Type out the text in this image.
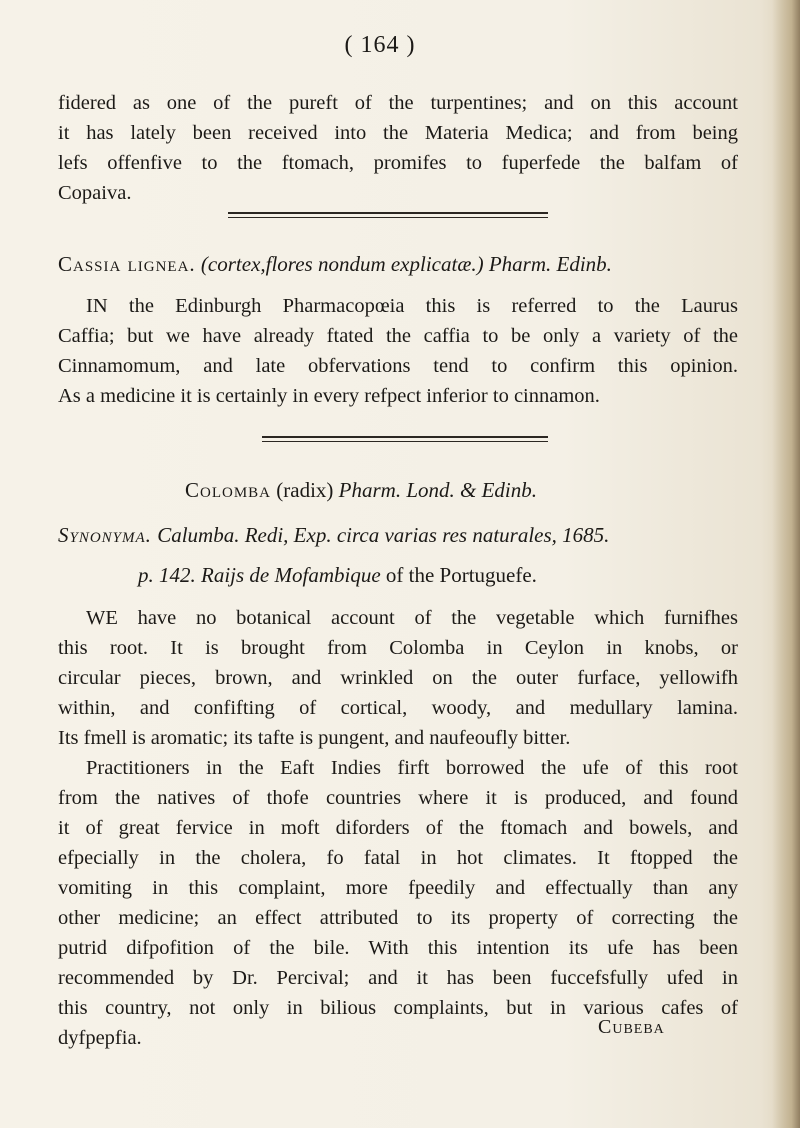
( 164 )
fidered as one of the pureft of the turpentines; and on this account
it has lately been received into the Materia Medica; and from being
lefs offenfive to the ftomach, promifes to fuperfede the balfam of
Copaiva.
Cassia lignea. (cortex,flores nondum explicatæ.) Pharm. Edinb.
IN the Edinburgh Pharmacopœia this is referred to the Laurus
Caffia; but we have already ftated the caffia to be only a variety of the
Cinnamomum, and late obfervations tend to confirm this opinion.
As a medicine it is certainly in every refpect inferior to cinnamon.
Colomba (radix) Pharm. Lond. & Edinb.
Synonyma. Calumba. Redi, Exp. circa varias res naturales, 1685.
p. 142. Raijs de Mofambique of the Portuguefe.
WE have no botanical account of the vegetable which furnifhes
this root. It is brought from Colomba in Ceylon in knobs, or
circular pieces, brown, and wrinkled on the outer furface, yellowifh
within, and confifting of cortical, woody, and medullary lamina.
Its fmell is aromatic; its tafte is pungent, and naufeoufly bitter.
Practitioners in the Eaft Indies firft borrowed the ufe of this root
from the natives of thofe countries where it is produced, and found
it of great fervice in moft diforders of the ftomach and bowels, and
efpecially in the cholera, fo fatal in hot climates. It ftopped the
vomiting in this complaint, more fpeedily and effectually than any
other medicine; an effect attributed to its property of correcting the
putrid difpofition of the bile. With this intention its ufe has been
recommended by Dr. Percival; and it has been fuccefsfully ufed in
this country, not only in bilious complaints, but in various cafes of
dyfpepfia.	Cubeba
